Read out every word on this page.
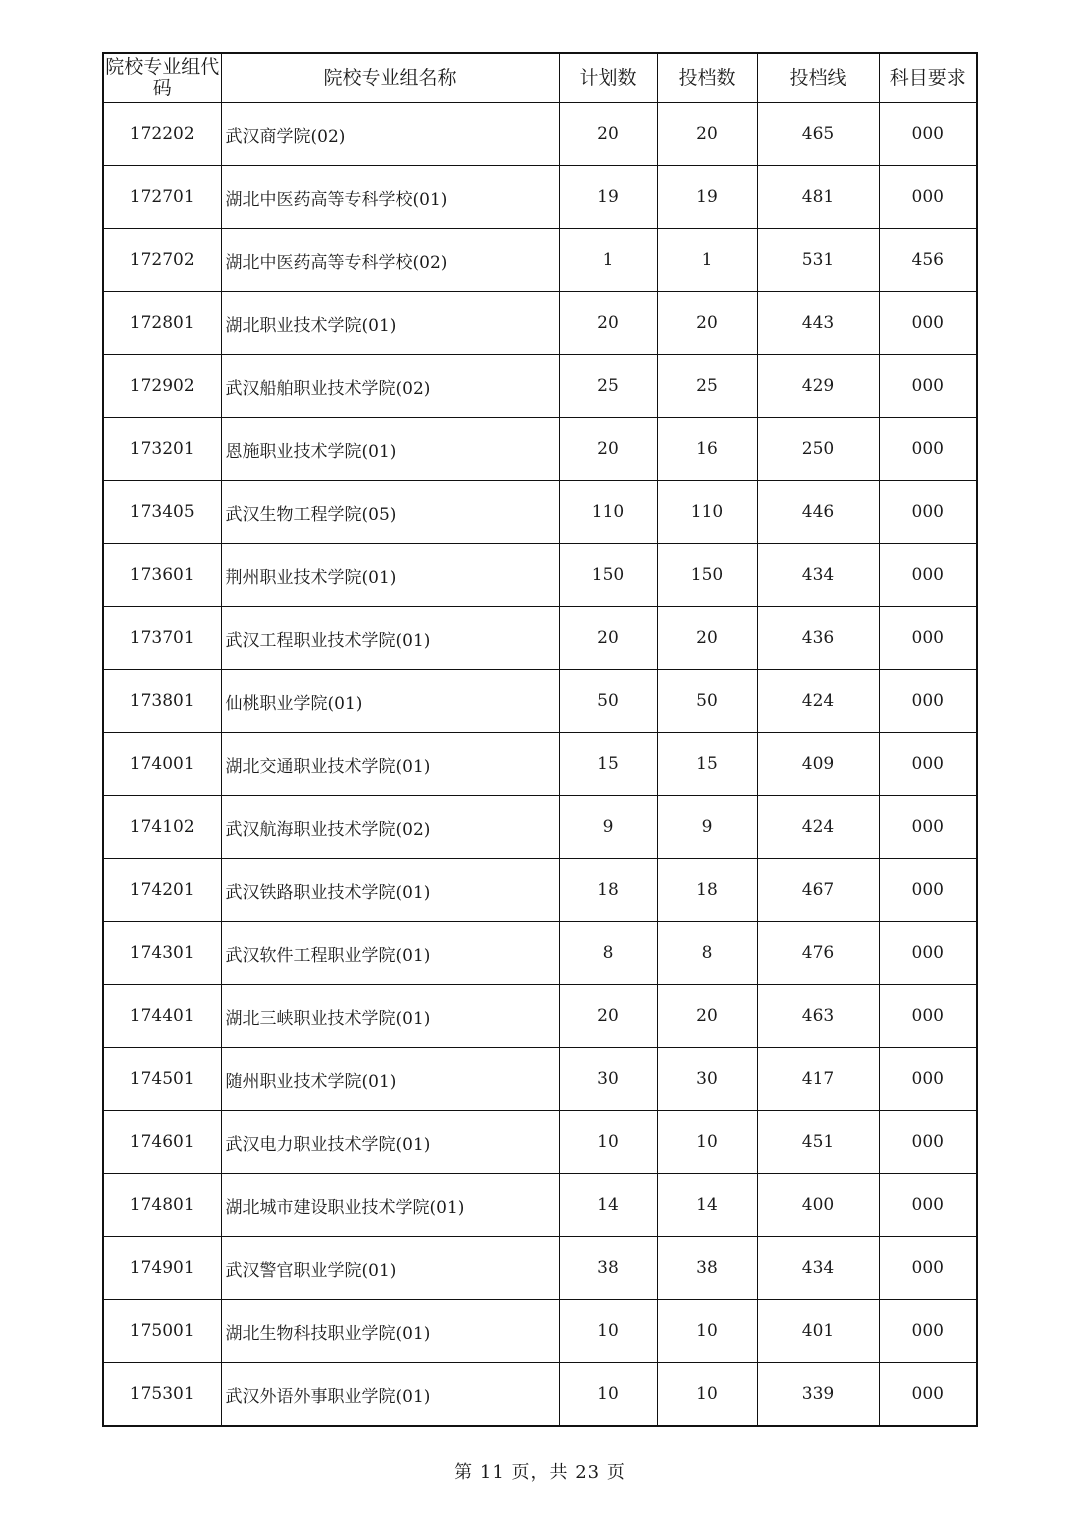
院校专业组代码	院校专业组名称	计划数	投档数	投档线	科目要求
172202	武汉商学院(02)	20	20	465	000
172701	湖北中医药高等专科学校(01)	19	19	481	000
172702	湖北中医药高等专科学校(02)	1	1	531	456
172801	湖北职业技术学院(01)	20	20	443	000
172902	武汉船舶职业技术学院(02)	25	25	429	000
173201	恩施职业技术学院(01)	20	16	250	000
173405	武汉生物工程学院(05)	110	110	446	000
173601	荆州职业技术学院(01)	150	150	434	000
173701	武汉工程职业技术学院(01)	20	20	436	000
173801	仙桃职业学院(01)	50	50	424	000
174001	湖北交通职业技术学院(01)	15	15	409	000
174102	武汉航海职业技术学院(02)	9	9	424	000
174201	武汉铁路职业技术学院(01)	18	18	467	000
174301	武汉软件工程职业学院(01)	8	8	476	000
174401	湖北三峡职业技术学院(01)	20	20	463	000
174501	随州职业技术学院(01)	30	30	417	000
174601	武汉电力职业技术学院(01)	10	10	451	000
174801	湖北城市建设职业技术学院(01)	14	14	400	000
174901	武汉警官职业学院(01)	38	38	434	000
175001	湖北生物科技职业学院(01)	10	10	401	000
175301	武汉外语外事职业学院(01)	10	10	339	000
第 11 页，共 23 页
